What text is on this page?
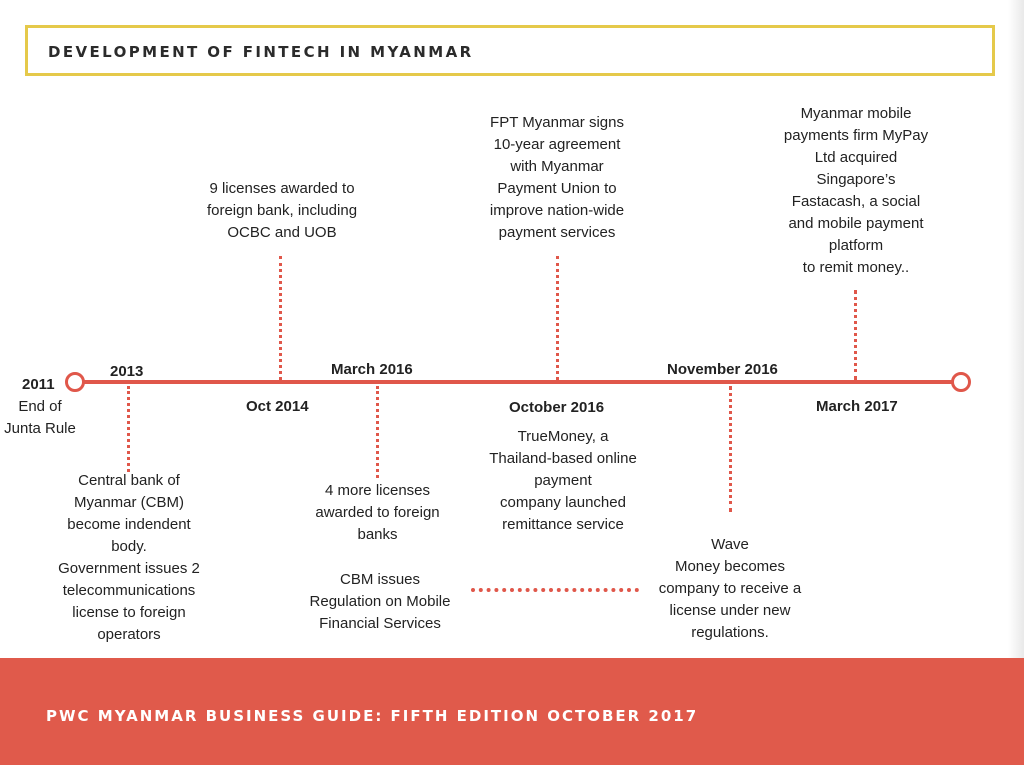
DEVELOPMENT OF FINTECH IN MYANMAR
2011
End of
Junta Rule
2013
Central bank of
Myanmar (CBM)
become indendent
body.
Government issues 2
telecommunications
license to foreign
operators
9 licenses awarded to
foreign bank, including
OCBC and UOB
Oct 2014
March 2016
4 more licenses
awarded to foreign
banks
CBM issues
Regulation on Mobile
Financial Services
FPT Myanmar signs
10-year agreement
with Myanmar
Payment Union to
improve nation-wide
payment services
October 2016
TrueMoney, a
Thailand-based online
payment
company launched
remittance service
November 2016
Wave
Money becomes
company to receive a
license under new
regulations.
Myanmar mobile
payments firm MyPay
Ltd acquired
Singapore’s
Fastacash, a social
and mobile payment
platform
to remit money..
March 2017
PWC MYANMAR BUSINESS GUIDE: FIFTH EDITION OCTOBER 2017
